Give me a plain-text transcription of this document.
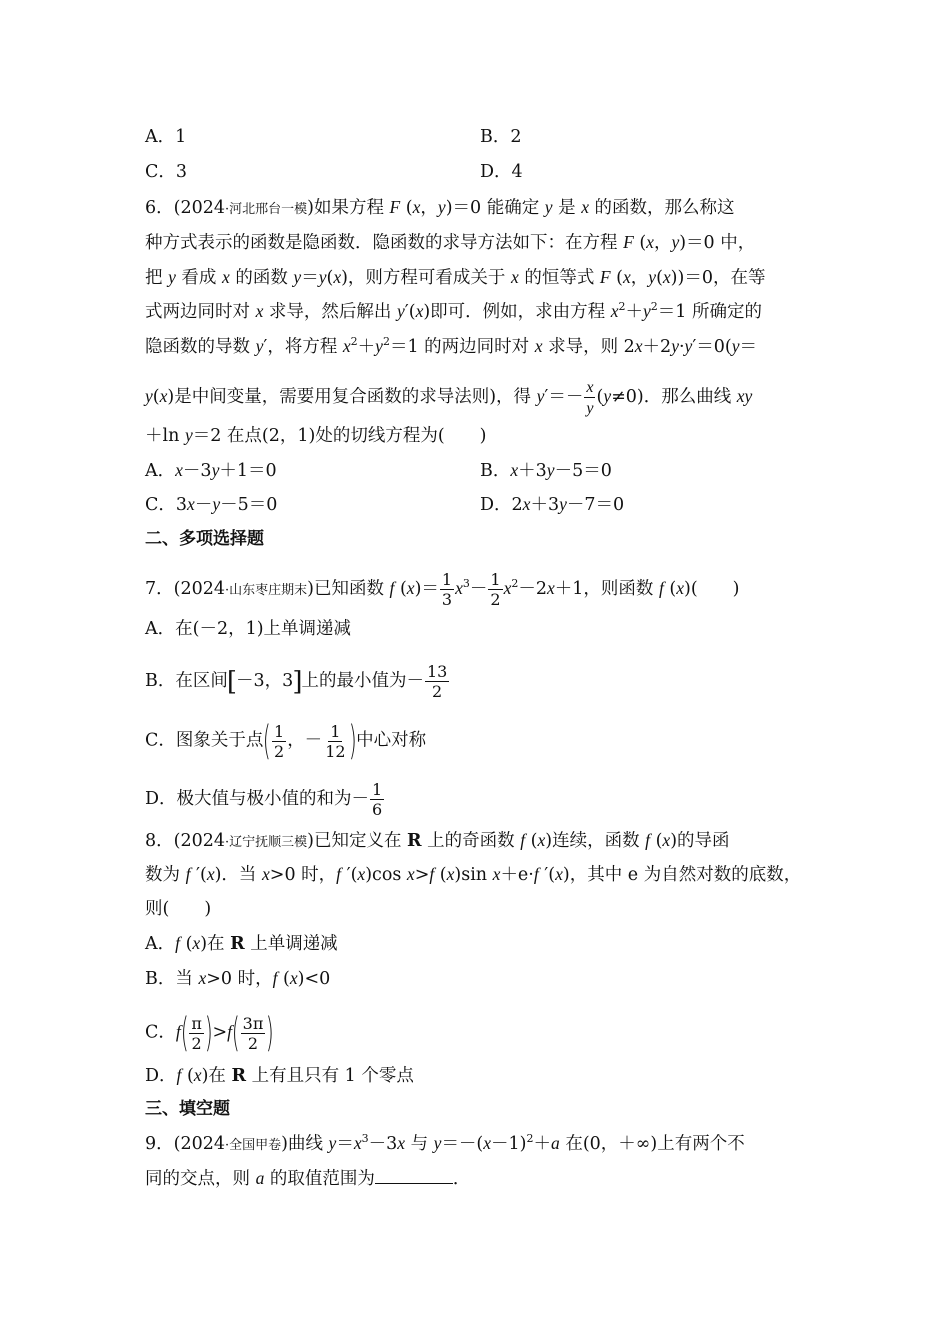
A．1	B．2
C．3	D．4
6．(2024·河北邢台一模)如果方程 F (x，y)＝0 能确定 y 是 x 的函数，那么称这
种方式表示的函数是隐函数．隐函数的求导方法如下：在方程 F (x，y)＝0 中，
把 y 看成 x 的函数 y＝y(x)，则方程可看成关于 x 的恒等式 F (x，y(x))＝0，在等
式两边同时对 x 求导，然后解出 y′(x)即可．例如，求由方程 $x^2+y^2=1$ 所确定的
隐函数的导数 y′，将方程 $x^2+y^2=1$ 的两边同时对 x 求导，则 2x＋2y·y′＝0(y＝
y(x)是中间变量，需要用复合函数的求导法则)，得 $y'=- \frac{x}{y} (y\ne 0)$．那么曲线 xy
＋ln y＝2 在点(2，1)处的切线方程为(　　)
A．x－3y＋1＝0	B．x＋3y－5＝0
C．3x－y－5＝0	D．2x＋3y－7＝0
二、多项选择题
7．(2024·山东枣庄期末)已知函数 f $(x)= \frac{1}{3} x^3- \frac{1}{2} x^2-2x+1$，则函数 f (x)(　　)
A．在(－2，1)上单调递减
B．在区间[－3，3]上的最小值为－ $\frac{13}{2}$
C．图象关于点( $\frac{1}{2}$ ，－ $\frac{1}{12}$ )中心对称
D．极大值与极小值的和为－ $\frac{1}{6}$
8．(2024·辽宁抚顺三模)已知定义在 R 上的奇函数 f (x)连续，函数 f (x)的导函
数为 f ′(x)．当 x>0 时，f ′(x)cos x>f (x)sin x＋e·f ′(x)，其中 e 为自然对数的底数，
则(　　)
A．f (x)在 R 上单调递减
B．当 x>0 时，f (x)<0
C．$f( \frac{\pi}{2} )>f( \frac{3\pi}{2}$ )
D．f (x)在 R 上有且只有 1 个零点
三、填空题
9．(2024·全国甲卷)曲线 $y=x^3-3x$ 与 $y=-(x-1)^2+a$ 在(0，＋∞)上有两个不
同的交点，则 a 的取值范围为	．
